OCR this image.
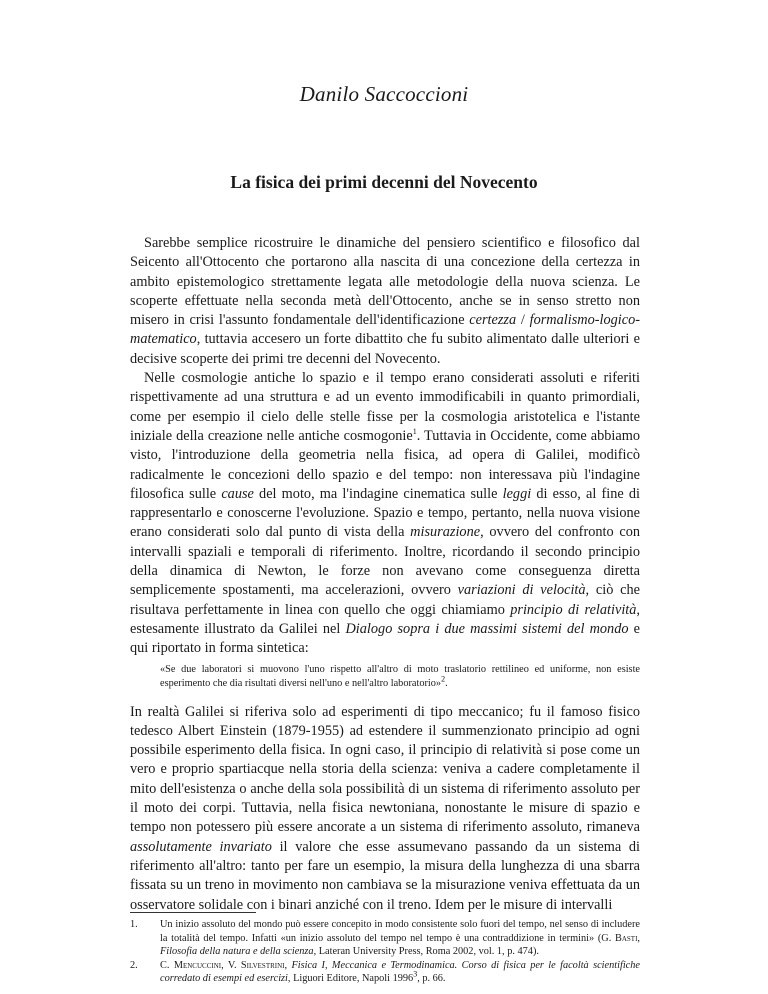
Danilo Saccoccioni
La fisica dei primi decenni del Novecento

Sarebbe semplice ricostruire le dinamiche del pensiero scientifico e filosofico dal Seicento all'Ottocento che portarono alla nascita di una concezione della certezza in ambito epistemologico strettamente legata alle metodologie della nuova scienza. Le scoperte effettuate nella seconda metà dell'Ottocento, anche se in senso stretto non misero in crisi l'assunto fondamentale dell'identificazione certezza / formalismo-logico-matematico, tuttavia accesero un forte dibattito che fu subito alimentato dalle ulteriori e decisive scoperte dei primi tre decenni del Novecento.

Nelle cosmologie antiche lo spazio e il tempo erano considerati assoluti e riferiti rispettivamente ad una struttura e ad un evento immodificabili in quanto primordiali, come per esempio il cielo delle stelle fisse per la cosmologia aristotelica e l'istante iniziale della creazione nelle antiche cosmogonie$^1$. Tuttavia in Occidente, come abbiamo visto, l'introduzione della geometria nella fisica, ad opera di Galilei, modificò radicalmente le concezioni dello spazio e del tempo: non interessava più l'indagine filosofica sulle cause del moto, ma l'indagine cinematica sulle leggi di esso, al fine di rappresentarlo e conoscerne l'evoluzione. Spazio e tempo, pertanto, nella nuova visione erano considerati solo dal punto di vista della misurazione, ovvero del confronto con intervalli spaziali e temporali di riferimento. Inoltre, ricordando il secondo principio della dinamica di Newton, le forze non avevano come conseguenza diretta semplicemente spostamenti, ma accelerazioni, ovvero variazioni di velocità, ciò che risultava perfettamente in linea con quello che oggi chiamiamo principio di relatività, estesamente illustrato da Galilei nel Dialogo sopra i due massimi sistemi del mondo e qui riportato in forma sintetica:

«Se due laboratori si muovono l'uno rispetto all'altro di moto traslatorio rettilineo ed uniforme, non esiste esperimento che dia risultati diversi nell'uno e nell'altro laboratorio»$^2$.

In realtà Galilei si riferiva solo ad esperimenti di tipo meccanico; fu il famoso fisico tedesco Albert Einstein (1879-1955) ad estendere il summenzionato principio ad ogni possibile esperimento della fisica. In ogni caso, il principio di relatività si pose come un vero e proprio spartiacque nella storia della scienza: veniva a cadere completamente il mito dell'esistenza o anche della sola possibilità di un sistema di riferimento assoluto per il moto dei corpi. Tuttavia, nella fisica newtoniana, nonostante le misure di spazio e tempo non potessero più essere ancorate a un sistema di riferimento assoluto, rimaneva assolutamente invariato il valore che esse assumevano passando da un sistema di riferimento all'altro: tanto per fare un esempio, la misura della lunghezza di una sbarra fissata su un treno in movimento non cambiava se la misurazione veniva effettuata da un osservatore solidale con i binari anziché con il treno. Idem per le misure di intervalli

1.	Un inizio assoluto del mondo può essere concepito in modo consistente solo fuori del tempo, nel senso di includere la totalità del tempo. Infatti «un inizio assoluto del tempo nel tempo è una contraddizione in termini» (G. Basti, Filosofia della natura e della scienza, Lateran University Press, Roma 2002, vol. 1, p. 474).
2.	C. Mencuccini, V. Silvestrini, Fisica I, Meccanica e Termodinamica. Corso di fisica per le facoltà scientifiche corredato di esempi ed esercizi, Liguori Editore, Napoli 1996$^3$, p. 66.
